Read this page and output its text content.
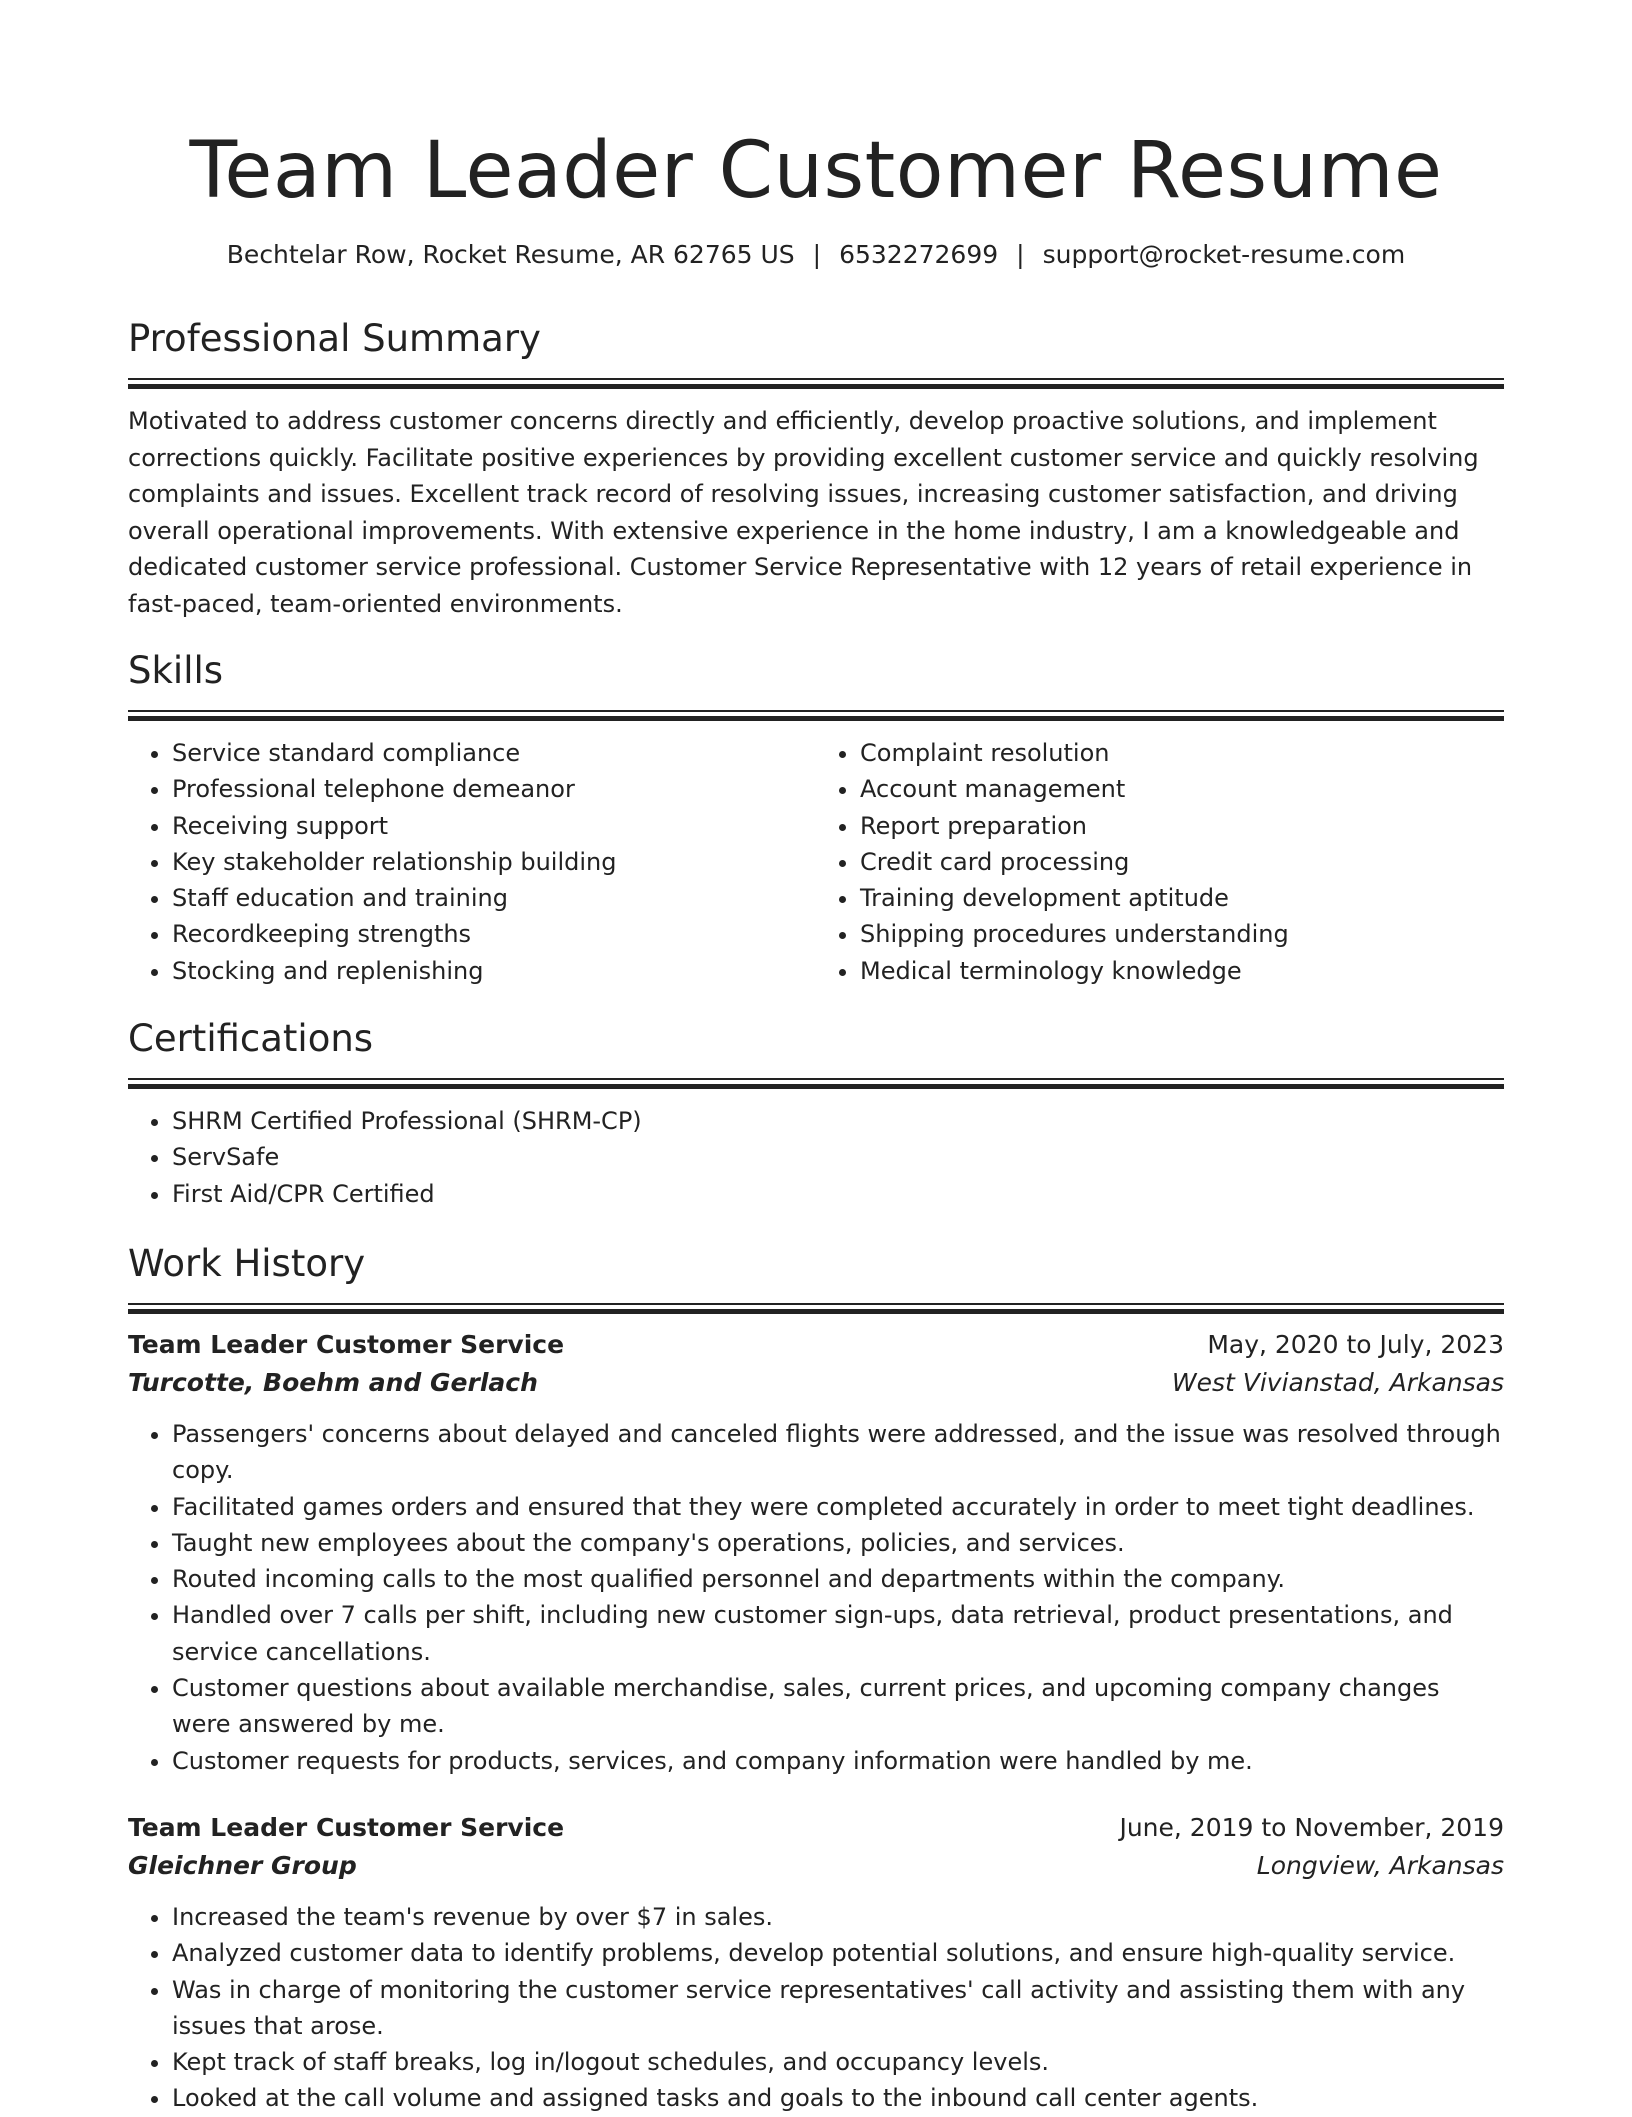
Team Leader Customer Resume
Bechtelar Row, Rocket Resume, AR 62765 US | 6532272699 | support@rocket-resume.com
Professional Summary

Motivated to address customer concerns directly and efficiently, develop proactive solutions, and implement corrections quickly. Facilitate positive experiences by providing excellent customer service and quickly resolving complaints and issues. Excellent track record of resolving issues, increasing customer satisfaction, and driving overall operational improvements. With extensive experience in the home industry, I am a knowledgeable and dedicated customer service professional. Customer Service Representative with 12 years of retail experience in fast-paced, team-oriented environments.

Skills
• Service standard compliance
• Professional telephone demeanor
• Receiving support
• Key stakeholder relationship building
• Staff education and training
• Recordkeeping strengths
• Stocking and replenishing
• Complaint resolution
• Account management
• Report preparation
• Credit card processing
• Training development aptitude
• Shipping procedures understanding
• Medical terminology knowledge
Certifications
• SHRM Certified Professional (SHRM-CP)
• ServSafe
• First Aid/CPR Certified
Work History
Team Leader Customer Service	May, 2020 to July, 2023
Turcotte, Boehm and Gerlach	West Vivianstad, Arkansas
• Passengers' concerns about delayed and canceled flights were addressed, and the issue was resolved through copy.
• Facilitated games orders and ensured that they were completed accurately in order to meet tight deadlines.
• Taught new employees about the company's operations, policies, and services.
• Routed incoming calls to the most qualified personnel and departments within the company.
• Handled over 7 calls per shift, including new customer sign-ups, data retrieval, product presentations, and service cancellations.
• Customer questions about available merchandise, sales, current prices, and upcoming company changes were answered by me.
• Customer requests for products, services, and company information were handled by me.
Team Leader Customer Service	June, 2019 to November, 2019
Gleichner Group	Longview, Arkansas
• Increased the team's revenue by over $7 in sales.
• Analyzed customer data to identify problems, develop potential solutions, and ensure high-quality service.
• Was in charge of monitoring the customer service representatives' call activity and assisting them with any issues that arose.
• Kept track of staff breaks, log in/logout schedules, and occupancy levels.
• Looked at the call volume and assigned tasks and goals to the inbound call center agents.
